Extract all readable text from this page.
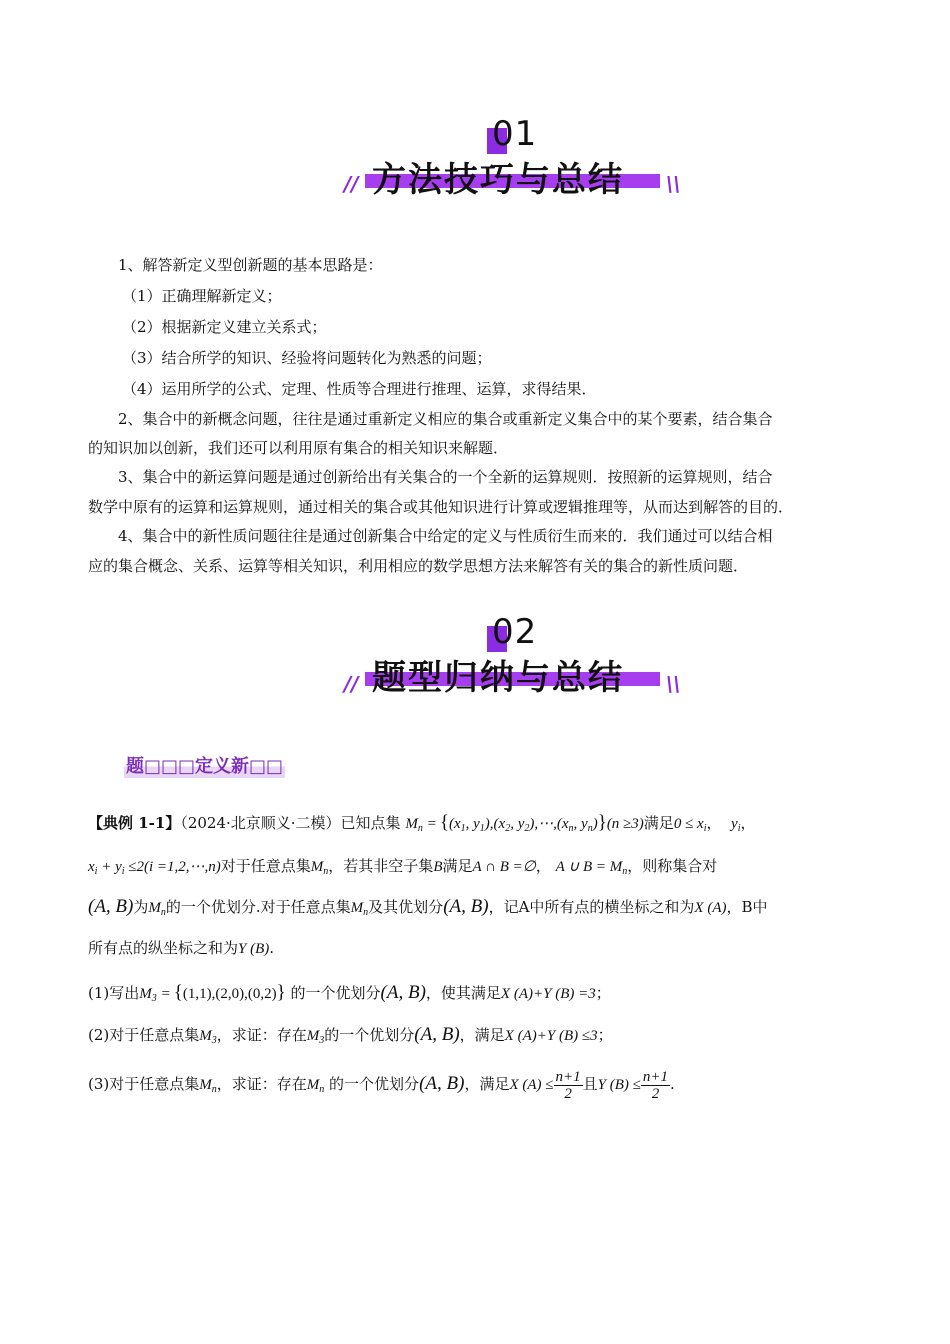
01
方法技巧与总结
//	\\
1、解答新定义型创新题的基本思路是：
（1）正确理解新定义；
（2）根据新定义建立关系式；
（3）结合所学的知识、经验将问题转化为熟悉的问题；
（4）运用所学的公式、定理、性质等合理进行推理、运算，求得结果．
2、集合中的新概念问题，往往是通过重新定义相应的集合或重新定义集合中的某个要素，结合集合
的知识加以创新，我们还可以利用原有集合的相关知识来解题．
3、集合中的新运算问题是通过创新给出有关集合的一个全新的运算规则．按照新的运算规则，结合
数学中原有的运算和运算规则，通过相关的集合或其他知识进行计算或逻辑推理等，从而达到解答的目的．
4、集合中的新性质问题往往是通过创新集合中给定的定义与性质衍生而来的．我们通过可以结合相
应的集合概念、关系、运算等相关知识，利用相应的数学思想方法来解答有关的集合的新性质问题．
02
题型归纳与总结
//	\\
题□□□定义新□□
【典例 1-1】（2024·北京顺义·二模）已知点集 $M_n = \{(x_1$, $y_1),(x_2$, $y_2),\cdots,(x_n$, $y_n)\}(n \ge 3)$满足$0 \le x_i$，  $y_i$，
$x_i + y_i \le 2(i$ =1,2,⋯,n)对于任意点集$M_n$，若其非空子集B满足A ∩ B =∅， A ∪ $B = M_n$，则称集合对
(A, B)为$M_n$的一个优划分.对于任意点集$M_n$及其优划分(A, B)，记A中所有点的横坐标之和为X (A)，B中
所有点的纵坐标之和为Y (B).
(1)写出$M_3 = \{(1,1),(2,0),(0,2)\}$ 的一个优划分(A, B)，使其满足X (A)+Y (B) =3；
(2)对于任意点集$M_3$，求证：存在$M_3$的一个优划分(A, B)，满足X (A)+Y (B) ≤3；
(3)对于任意点集$M_n$，求证：存在$M_n$ 的一个优划分(A, B)，满足X $(A) \le \frac{n+1}{2}$ 且Y $(B) \le \frac{n+1}{2}$ .
